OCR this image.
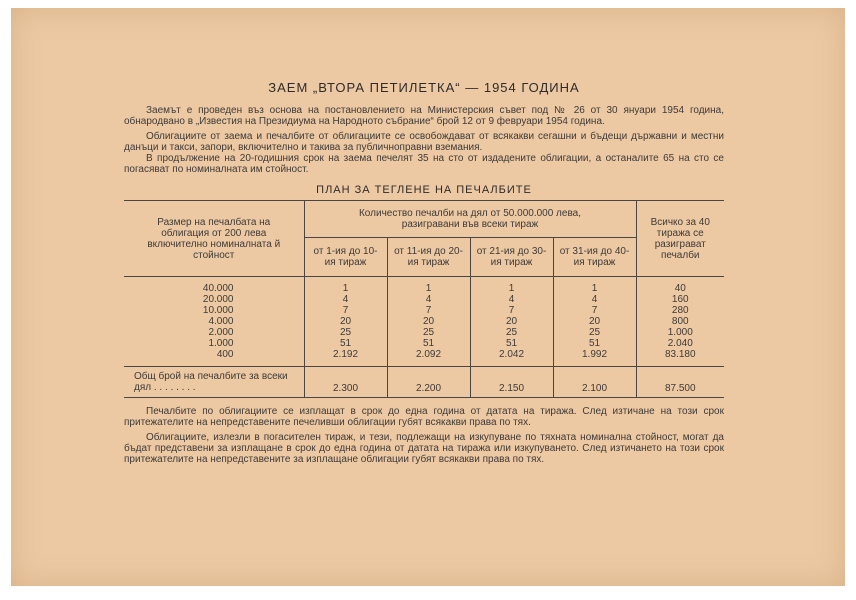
ЗАЕМ „ВТОРА ПЕТИЛЕТКА“ — 1954 ГОДИНА

Заемът е проведен въз основа на постановлението на Министерския съвет под № 26 от 30 януари 1954 година, обнародвано в „Известия на Президиума на Народното събрание“ брой 12 от 9 февруари 1954 година.

Облигациите от заема и печалбите от облигациите се освобождават от всякакви сегашни и бъдещи държавни и местни данъци и такси, запори, включително и такива за публичноправни вземания.

В продължение на 20-годишния срок на заема печелят 35 на сто от издадените облигации, а останалите 65 на сто се погасяват по номиналната им стойност.

ПЛАН ЗА ТЕГЛЕНЕ НА ПЕЧАЛБИТЕ
Размер на печалбата на облигация от 200 лева включително номиналната й стойност	Количество печалби на дял от 50.000.000 лева, разигравани във всеки тираж				Всичко за 40 тиража се разиграват печалби
	от 1-ия до 10-ия тираж	от 11-ия до 20-ия тираж	от 21-ия до 30-ия тираж	от 31-ия до 40-ия тираж	
40.000	1	1	1	1	40
20.000	4	4	4	4	160
10.000	7	7	7	7	280
4.000	20	20	20	20	800
2.000	25	25	25	25	1.000
1.000	51	51	51	51	2.040
400	2.192	2.092	2.042	1.992	83.180
Общ брой на печалбите за всеки дял . . . . . . . .	2.300	2.200	2.150	2.100	87.500

Печалбите по облигациите се изплащат в срок до една година от датата на тиража. След изтичане на този срок притежателите на непредставените печеливши облигации губят всякакви права по тях.

Облигациите, излезли в погасителен тираж, и тези, подлежащи на изкупуване по тяхната номинална стойност, могат да бъдат представени за изплащане в срок до една година от датата на тиража или изкупуването. След изтичането на този срок притежателите на непредставените за изплащане облигации губят всякакви права по тях.
